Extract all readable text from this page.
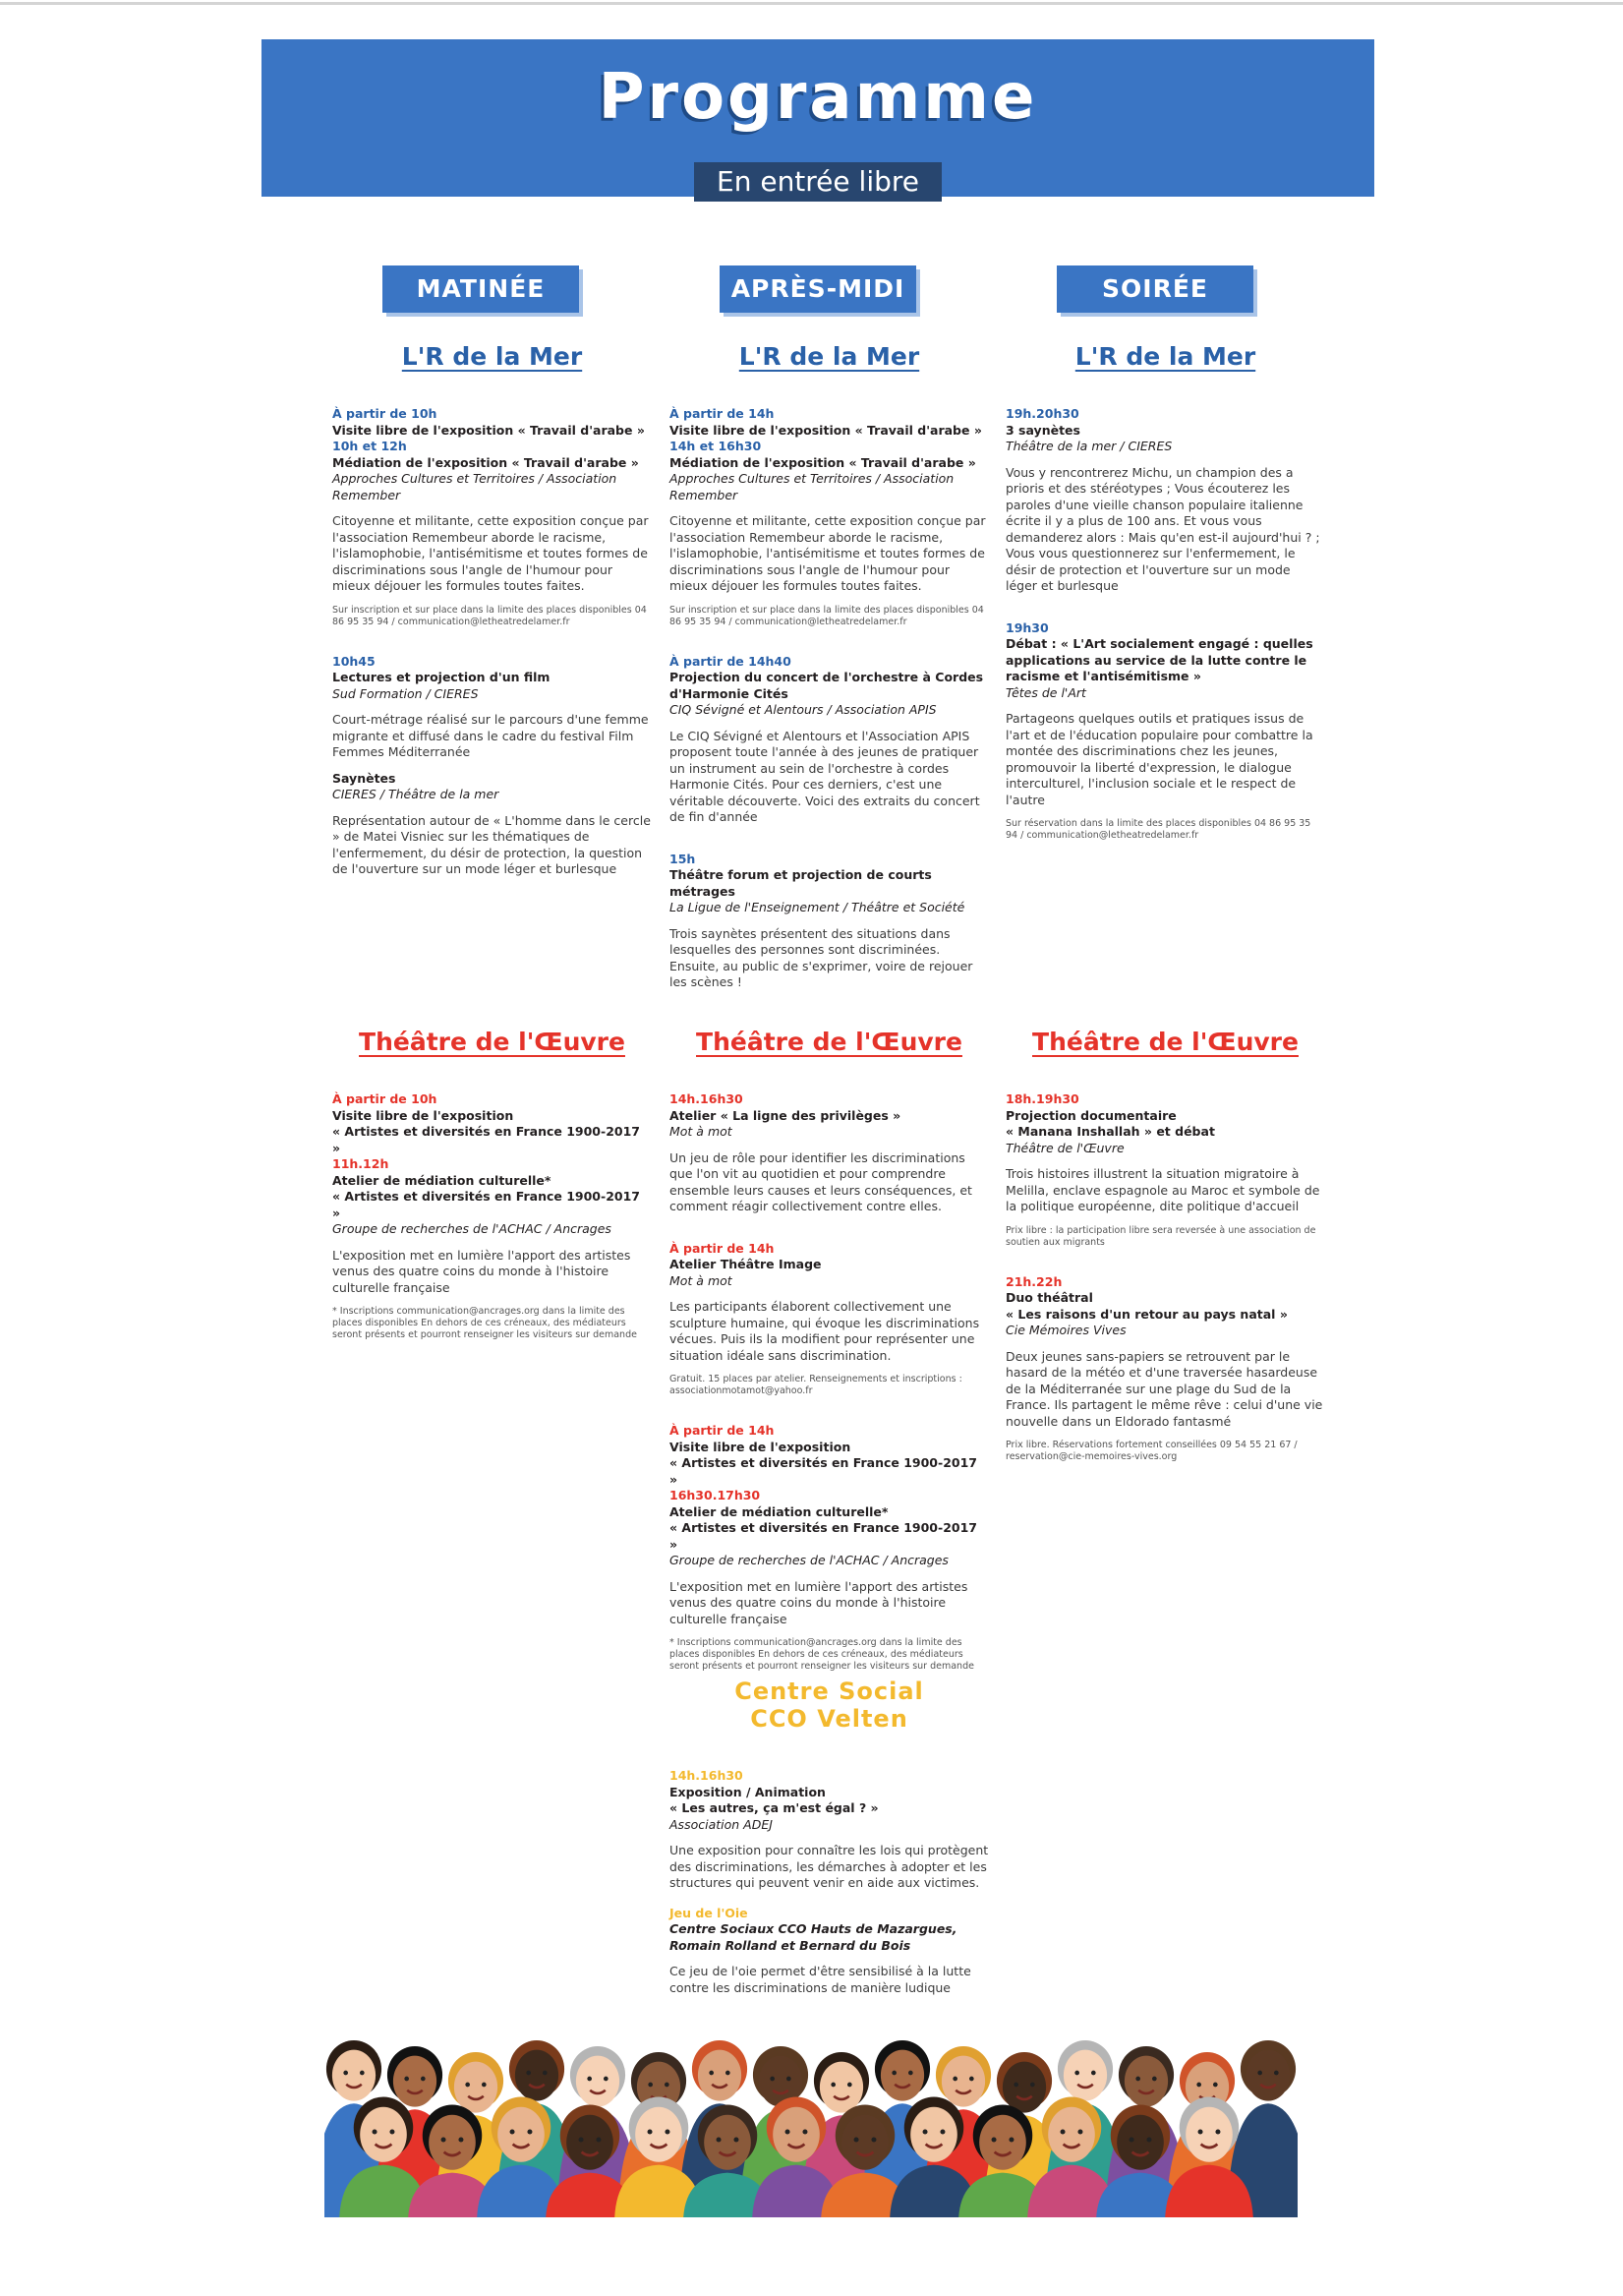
Programme
En entrée libre
MATINÉE	APRÈS-MIDI	SOIRÉE
L'R de la Mer
À partir de 10h
Visite libre de l'exposition « Travail d'arabe »
10h et 12h
Médiation de l'exposition « Travail d'arabe »
Approches Cultures et Territoires / Association Remember
Citoyenne et militante, cette exposition conçue par l'association Remembeur aborde le racisme, l'islamophobie, l'antisémitisme et toutes formes de discriminations sous l'angle de l'humour pour mieux déjouer les formules toutes faites.
Sur inscription et sur place dans la limite des places disponibles 04 86 95 35 94 / communication@letheatredelamer.fr
10h45
Lectures et projection d'un film
Sud Formation / CIERES
Court-métrage réalisé sur le parcours d'une femme migrante et diffusé dans le cadre du festival Film Femmes Méditerranée
Saynètes
CIERES / Théâtre de la mer
Représentation autour de « L'homme dans le cercle » de Matei Visniec sur les thématiques de l'enfermement, du désir de protection, la question de l'ouverture sur un mode léger et burlesque
L'R de la Mer
À partir de 14h
Visite libre de l'exposition « Travail d'arabe »
14h et 16h30
Médiation de l'exposition « Travail d'arabe »
Approches Cultures et Territoires / Association Remember
Citoyenne et militante, cette exposition conçue par l'association Remembeur aborde le racisme, l'islamophobie, l'antisémitisme et toutes formes de discriminations sous l'angle de l'humour pour mieux déjouer les formules toutes faites.
Sur inscription et sur place dans la limite des places disponibles 04 86 95 35 94 / communication@letheatredelamer.fr
À partir de 14h40
Projection du concert de l'orchestre à Cordes d'Harmonie Cités
CIQ Sévigné et Alentours / Association APIS
Le CIQ Sévigné et Alentours et l'Association APIS proposent toute l'année à des jeunes de pratiquer un instrument au sein de l'orchestre à cordes Harmonie Cités. Pour ces derniers, c'est une véritable découverte. Voici des extraits du concert de fin d'année
15h
Théâtre forum et projection de courts métrages
La Ligue de l'Enseignement / Théâtre et Société
Trois saynètes présentent des situations dans lesquelles des personnes sont discriminées. Ensuite, au public de s'exprimer, voire de rejouer les scènes !
L'R de la Mer
19h.20h30
3 saynètes
Théâtre de la mer / CIERES
Vous y rencontrerez Michu, un champion des a prioris et des stéréotypes ; Vous écouterez les paroles d'une vieille chanson populaire italienne écrite il y a plus de 100 ans. Et vous vous demanderez alors : Mais qu'en est-il aujourd'hui ? ; Vous vous questionnerez sur l'enfermement, le désir de protection et l'ouverture sur un mode léger et burlesque
19h30
Débat : « L'Art socialement engagé : quelles applications au service de la lutte contre le racisme et l'antisémitisme »
Têtes de l'Art
Partageons quelques outils et pratiques issus de l'art et de l'éducation populaire pour combattre la montée des discriminations chez les jeunes, promouvoir la liberté d'expression, le dialogue interculturel, l'inclusion sociale et le respect de l'autre
Sur réservation dans la limite des places disponibles 04 86 95 35 94 / communication@letheatredelamer.fr
Théâtre de l'Œuvre
À partir de 10h
Visite libre de l'exposition
« Artistes et diversités en France 1900-2017 »
11h.12h
Atelier de médiation culturelle*
« Artistes et diversités en France 1900-2017 »
Groupe de recherches de l'ACHAC / Ancrages
L'exposition met en lumière l'apport des artistes venus des quatre coins du monde à l'histoire culturelle française
* Inscriptions communication@ancrages.org dans la limite des places disponibles En dehors de ces créneaux, des médiateurs seront présents et pourront renseigner les visiteurs sur demande
Théâtre de l'Œuvre
14h.16h30
Atelier « La ligne des privilèges »
Mot à mot
Un jeu de rôle pour identifier les discriminations que l'on vit au quotidien et pour comprendre ensemble leurs causes et leurs conséquences, et comment réagir collectivement contre elles.
À partir de 14h
Atelier Théâtre Image
Mot à mot
Les participants élaborent collectivement une sculpture humaine, qui évoque les discriminations vécues. Puis ils la modifient pour représenter une situation idéale sans discrimination.
Gratuit. 15 places par atelier. Renseignements et inscriptions : associationmotamot@yahoo.fr
À partir de 14h
Visite libre de l'exposition
« Artistes et diversités en France 1900-2017 »
16h30.17h30
Atelier de médiation culturelle*
« Artistes et diversités en France 1900-2017 »
Groupe de recherches de l'ACHAC / Ancrages
L'exposition met en lumière l'apport des artistes venus des quatre coins du monde à l'histoire culturelle française
* Inscriptions communication@ancrages.org dans la limite des places disponibles En dehors de ces créneaux, des médiateurs seront présents et pourront renseigner les visiteurs sur demande
Théâtre de l'Œuvre
18h.19h30
Projection documentaire
« Manana Inshallah » et débat
Théâtre de l'Œuvre
Trois histoires illustrent la situation migratoire à Melilla, enclave espagnole au Maroc et symbole de la politique européenne, dite politique d'accueil
Prix libre : la participation libre sera reversée à une association de soutien aux migrants
21h.22h
Duo théâtral
« Les raisons d'un retour au pays natal »
Cie Mémoires Vives
Deux jeunes sans-papiers se retrouvent par le hasard de la météo et d'une traversée hasardeuse de la Méditerranée sur une plage du Sud de la France. Ils partagent le même rêve : celui d'une vie nouvelle dans un Eldorado fantasmé
Prix libre. Réservations fortement conseillées 09 54 55 21 67 / reservation@cie-memoires-vives.org
Centre Social
CCO Velten
14h.16h30
Exposition / Animation
« Les autres, ça m'est égal ? »
Association ADEJ
Une exposition pour connaître les lois qui protègent des discriminations, les démarches à adopter et les structures qui peuvent venir en aide aux victimes.
Jeu de l'Oie
Centre Sociaux CCO Hauts de Mazargues, Romain Rolland et Bernard du Bois
Ce jeu de l'oie permet d'être sensibilisé à la lutte contre les discriminations de manière ludique
